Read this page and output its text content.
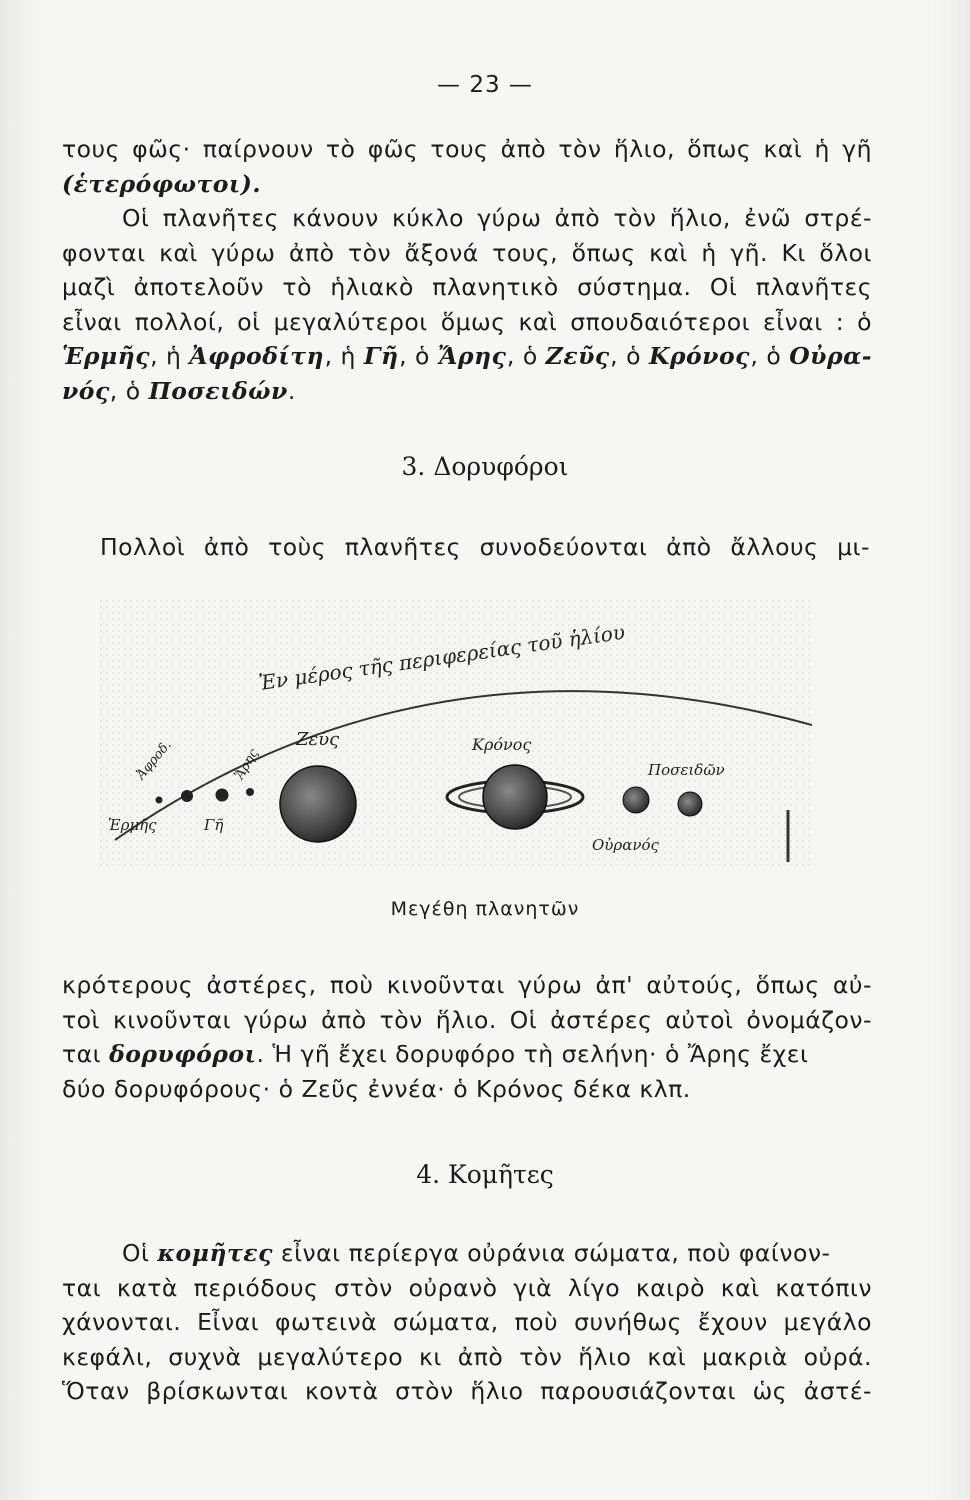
— 23 —
τους φῶς· παίρνουν τὸ φῶς τους ἀπὸ τὸν ἥλιο, ὅπως καὶ ἡ γῆ
(ἑτερόφωτοι).
Οἱ πλανῆτες κάνουν κύκλο γύρω ἀπὸ τὸν ἥλιο, ἐνῶ στρέ-
φονται καὶ γύρω ἀπὸ τὸν ἄξονά τους, ὅπως καὶ ἡ γῆ. Κι ὅλοι
μαζὶ ἀποτελοῦν τὸ ἡλιακὸ πλανητικὸ σύστημα. Οἱ πλανῆτες
εἶναι πολλοί, οἱ μεγαλύτεροι ὅμως καὶ σπουδαιότεροι εἶναι : ὁ
Ἑρμῆς, ἡ Ἀφροδίτη , ἡ Γῆ , ὁ Ἄρης , ὁ Ζεῦς , ὁ Κρόνος , ὁ Οὐρα-
νός, ὁ Ποσειδών.
3. Δορυφόροι
Πολλοὶ ἀπὸ τοὺς πλανῆτες συνοδεύονται ἀπὸ ἄλλους μι-
Ἐν μέρος τῆς περιφερείας τοῦ ἡλίου
Ἑρμῆς
Ἀφροδ.
Γῆ
Ἄρης
Ζεύς	Κρόνος
Ποσειδῶν
Οὐρανός
Μεγέθη πλανητῶν
κρότερους ἀστέρες, ποὺ κινοῦνται γύρω ἀπ' αὐτούς, ὅπως αὐ-
τοὶ κινοῦνται γύρω ἀπὸ τὸν ἥλιο. Οἱ ἀστέρες αὐτοὶ ὀνομάζον-
ται δορυφόροι. Ἡ γῆ ἔχει δορυφόρο τὴ σελήνη· ὁ Ἄρης ἔχει
δύο δορυφόρους· ὁ Ζεῦς ἐννέα· ὁ Κρόνος δέκα κλπ.
4. Κομῆτες
Οἱ κομῆτες εἶναι περίεργα οὐράνια σώματα, ποὺ φαίνον-
ται κατὰ περιόδους στὸν οὐρανὸ γιὰ λίγο καιρὸ καὶ κατόπιν
χάνονται. Εἶναι φωτεινὰ σώματα, ποὺ συνήθως ἔχουν μεγάλο
κεφάλι, συχνὰ μεγαλύτερο κι ἀπὸ τὸν ἥλιο καὶ μακριὰ οὐρά.
Ὅταν βρίσκωνται κοντὰ στὸν ἥλιο παρουσιάζονται ὡς ἀστέ-
